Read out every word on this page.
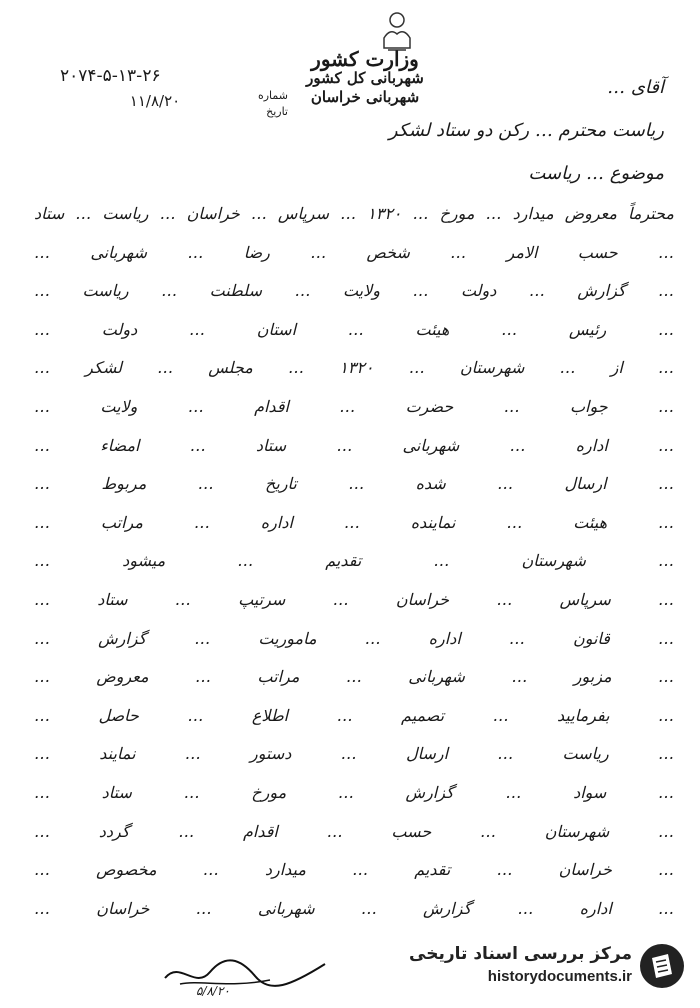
وزارت کشور
شهربانی کل کشور
شهربانی خراسان
شماره
تاریخ
۲۰۷۴-۵-۱۳-۲۶
۱۱/۸/۲۰
آقای …
ریاست محترم … رکن دو ستاد لشکر
موضوع … ریاست
محترماً معروض میدارد … مورخ … ۱۳۲۰ … سرپاس … خراسان … ریاست … ستاد
… حسب الامر … شخص … رضا … شهربانی …
… گزارش … دولت … ولایت … سلطنت … ریاست …
… رئیس … هیئت … استان … دولت …
… از … شهرستان … ۱۳۲۰ … مجلس … لشکر …
… جواب … حضرت … اقدام … ولایت …
… اداره … شهربانی … ستاد … امضاء …
… ارسال … شده … تاریخ … مربوط …
… هیئت … نماینده … اداره … مراتب …
… شهرستان … تقدیم … میشود …
… سرپاس … خراسان … سرتیپ … ستاد …
… قانون … اداره … ماموریت … گزارش …
… مزبور … شهربانی … مراتب … معروض …
… بفرمایید … تصمیم … اطلاع … حاصل …
… ریاست … ارسال … دستور … نمایند …
… سواد … گزارش … مورخ … ستاد …
… شهرستان … حسب … اقدام … گردد …
… خراسان … تقدیم … میدارد … مخصوص …
… اداره … گزارش … شهربانی … خراسان …
۵/۸/۲۰
مرکز بررسی اسناد تاریخی
historydocuments.ir
